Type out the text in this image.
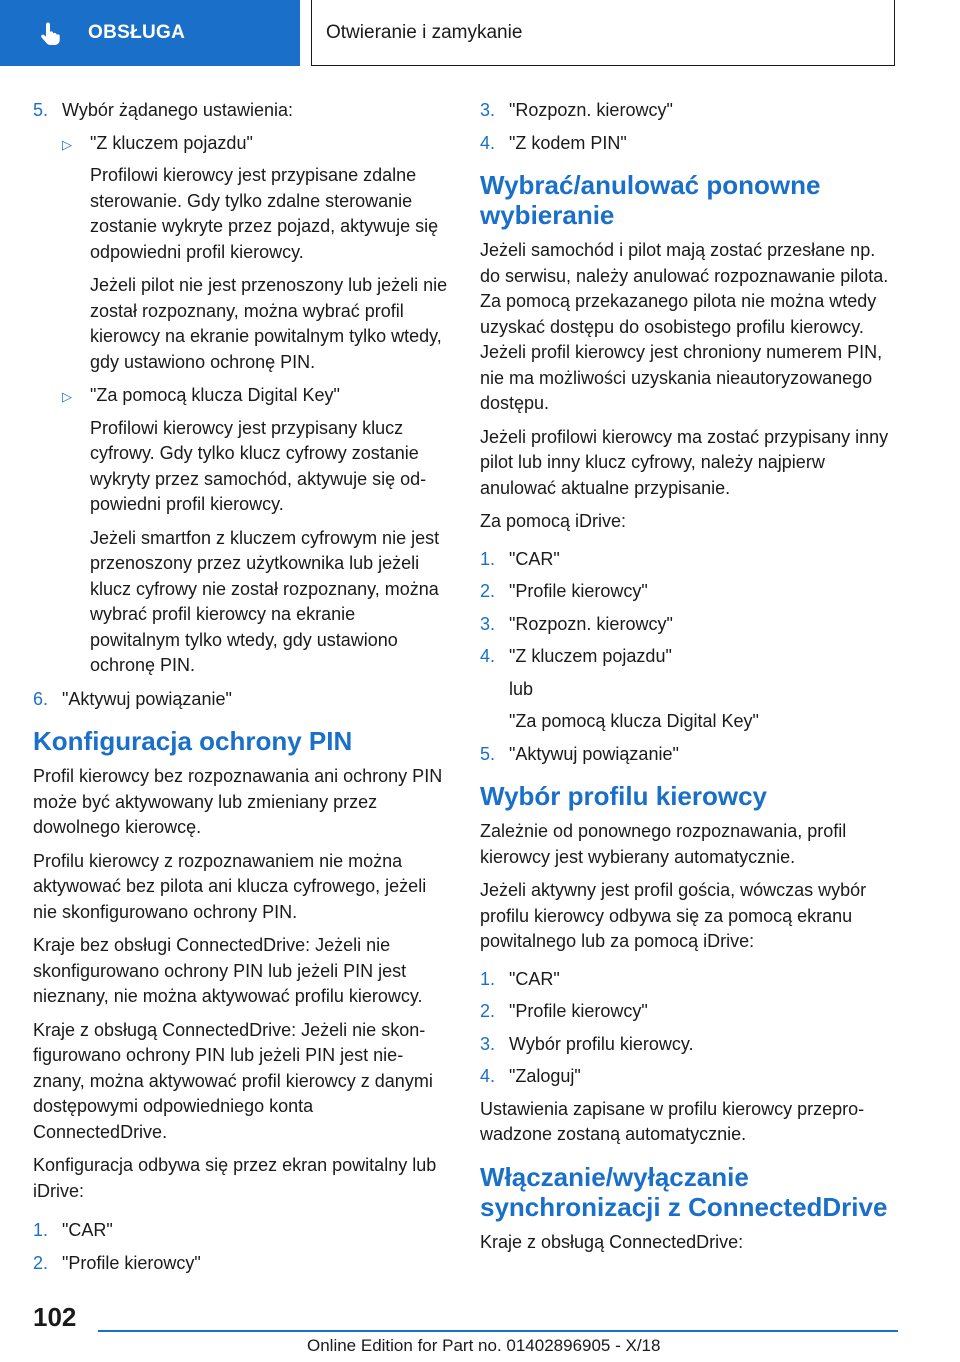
OBSŁUGA	Otwieranie i zamykanie
5. Wybór żądanego ustawienia:
▷	"Z kluczem pojazdu"
Profilowi kierowcy jest przypisane zdalne sterowanie. Gdy tylko zdalne sterowanie zostanie wykryte przez pojazd, aktywuje się odpowiedni profil kierowcy.
Jeżeli pilot nie jest przenoszony lub jeżeli nie został rozpoznany, można wybrać profil kierowcy na ekranie powitalnym tylko wtedy, gdy ustawiono ochronę PIN.
▷	"Za pomocą klucza Digital Key"
Profilowi kierowcy jest przypisany klucz cyfrowy. Gdy tylko klucz cyfrowy zostanie wykryty przez samochód, aktywuje się odpowiedni profil kierowcy.
Jeżeli smartfon z kluczem cyfrowym nie jest przenoszony przez użytkownika lub jeżeli klucz cyfrowy nie został rozpoznany, można wybrać profil kierowcy na ekranie powitalnym tylko wtedy, gdy ustawiono ochronę PIN.
6. "Aktywuj powiązanie"
Konfiguracja ochrony PIN
Profil kierowcy bez rozpoznawania ani ochrony PIN może być aktywowany lub zmieniany przez dowolnego kierowcę.
Profilu kierowcy z rozpoznawaniem nie można aktywować bez pilota ani klucza cyfrowego, jeżeli nie skonfigurowano ochrony PIN.
Kraje bez obsługi ConnectedDrive: Jeżeli nie skonfigurowano ochrony PIN lub jeżeli PIN jest nieznany, nie można aktywować profilu kierowcy.
Kraje z obsługą ConnectedDrive: Jeżeli nie skonfigurowano ochrony PIN lub jeżeli PIN jest nieznany, można aktywować profil kierowcy z danymi dostępowymi odpowiedniego konta ConnectedDrive.
Konfiguracja odbywa się przez ekran powitalny lub iDrive:
1. "CAR"
2. "Profile kierowcy"
3. "Rozpozn. kierowcy"
4. "Z kodem PIN"
Wybrać/anulować ponowne wybieranie
Jeżeli samochód i pilot mają zostać przesłane np. do serwisu, należy anulować rozpoznawanie pilota. Za pomocą przekazanego pilota nie można wtedy uzyskać dostępu do osobistego profilu kierowcy. Jeżeli profil kierowcy jest chroniony numerem PIN, nie ma możliwości uzyskania nieautoryzowanego dostępu.
Jeżeli profilowi kierowcy ma zostać przypisany inny pilot lub inny klucz cyfrowy, należy najpierw anulować aktualne przypisanie.
Za pomocą iDrive:
1. "CAR"
2. "Profile kierowcy"
3. "Rozpozn. kierowcy"
4. "Z kluczem pojazdu"
lub
"Za pomocą klucza Digital Key"
5. "Aktywuj powiązanie"
Wybór profilu kierowcy
Zależnie od ponownego rozpoznawania, profil kierowcy jest wybierany automatycznie.
Jeżeli aktywny jest profil gościa, wówczas wybór profilu kierowcy odbywa się za pomocą ekranu powitalnego lub za pomocą iDrive:
1. "CAR"
2. "Profile kierowcy"
3. Wybór profilu kierowcy.
4. "Zaloguj"
Ustawienia zapisane w profilu kierowcy przeprowadzone zostaną automatycznie.
Włączanie/wyłączanie synchronizacji z ConnectedDrive
Kraje z obsługą ConnectedDrive:
102
Online Edition for Part no. 01402896905 - X/18
